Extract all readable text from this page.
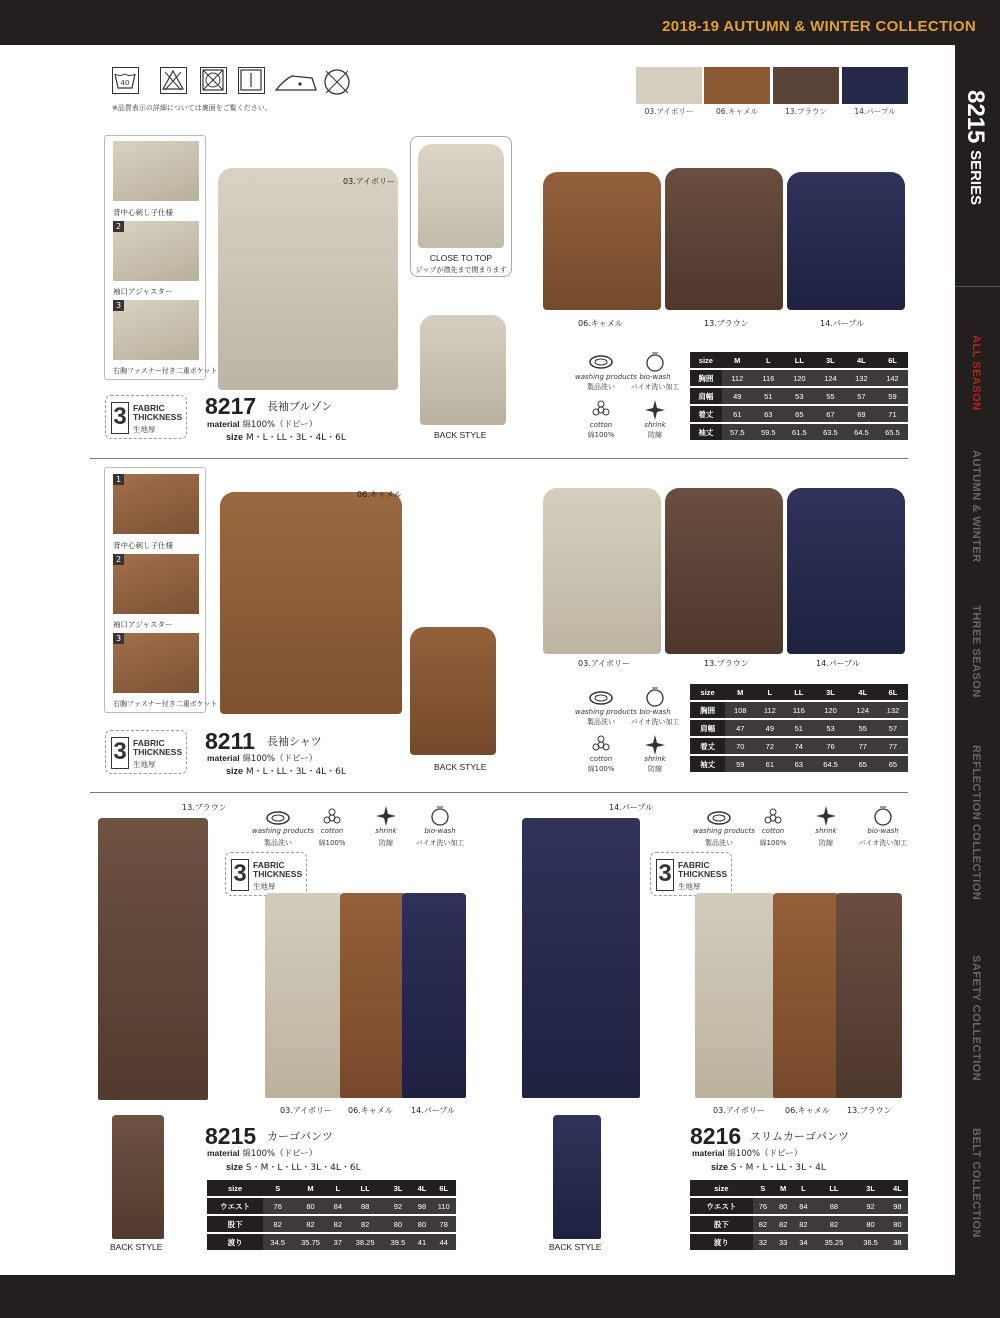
2018-19 AUTUMN & WINTER COLLECTION
8215 SERIES
ALL SEASON
AUTUMN & WINTER
THREE SEASON
REFLECTION COLLECTION
SAFETY COLLECTION
BELT COLLECTION
CHUSAN 2018-19 129
40
※品質表示の詳細については裏面をご覧ください。	03.アイボリー	06.キャメル	13.ブラウン	14.パープル
背中心刺し子仕様
2
袖口アジャスター
3
右胸ファスナー付き二重ポケット
03.アイボリー
CLOSE TO TOP
ジップが襟先まで閉まります
BACK STYLE
06.キャメル	13.ブラウン	14.パープル
washing products
製品洗い
bio-wash
バイオ洗い加工
cotton
綿100%
shrink
防縮
size	M	L	LL	3L	4L	6L
胸囲	112	116	120	124	132	142
肩幅	49	51	53	55	57	59
着丈	61	63	65	67	69	71
袖丈	57.5	59.5	61.5	63.5	64.5	65.5
3 FABRIC THICKNESS
生地厚
8217 長袖ブルゾン
material 綿100%（ドビー）
size M・L・LL・3L・4L・6L
1
背中心刺し子仕様
2
袖口アジャスター
3
右胸ファスナー付き二重ポケット
06.キャメル
BACK STYLE
03.アイボリー	13.ブラウン	14.パープル
washing products
製品洗い
bio-wash
バイオ洗い加工
cotton
綿100%
shrink
防縮
size	M	L	LL	3L	4L	6L
胸囲	108	112	116	120	124	132
肩幅	47	49	51	53	55	57
着丈	70	72	74	76	77	77
袖丈	59	61	63	64.5	65	65
3 FABRIC THICKNESS
生地厚
8211 長袖シャツ
material 綿100%（ドビー）
size M・L・LL・3L・4L・6L
13.ブラウン
washing products
製品洗い
cotton
綿100%
shrink
防縮
bio-wash
バイオ洗い加工
3 FABRIC THICKNESS
生地厚
03.アイボリー 06.キャメル 14.パープル
BACK STYLE
8215 カーゴパンツ
material 綿100%（ドビー）
size S・M・L・LL・3L・4L・6L
size	S	M	L	LL	3L	4L	6L
ウエスト	76	80	84	88	92	98	110
股下	82	82	82	82	80	80	78
渡り	34.5	35.75	37	38.25	39.5	41	44
14.パープル
washing products
製品洗い
cotton
綿100%
shrink
防縮
bio-wash
バイオ洗い加工
3 FABRIC THICKNESS
生地厚
03.アイボリー 06.キャメル 13.ブラウン
BACK STYLE
8216 スリムカーゴパンツ
material 綿100%（ドビー）
size S・M・L・LL・3L・4L
size	S	M	L	LL	3L	4L
ウエスト	76	80	84	88	92	98
股下	82	82	82	82	80	80
渡り	32	33	34	35.25	36.5	38
